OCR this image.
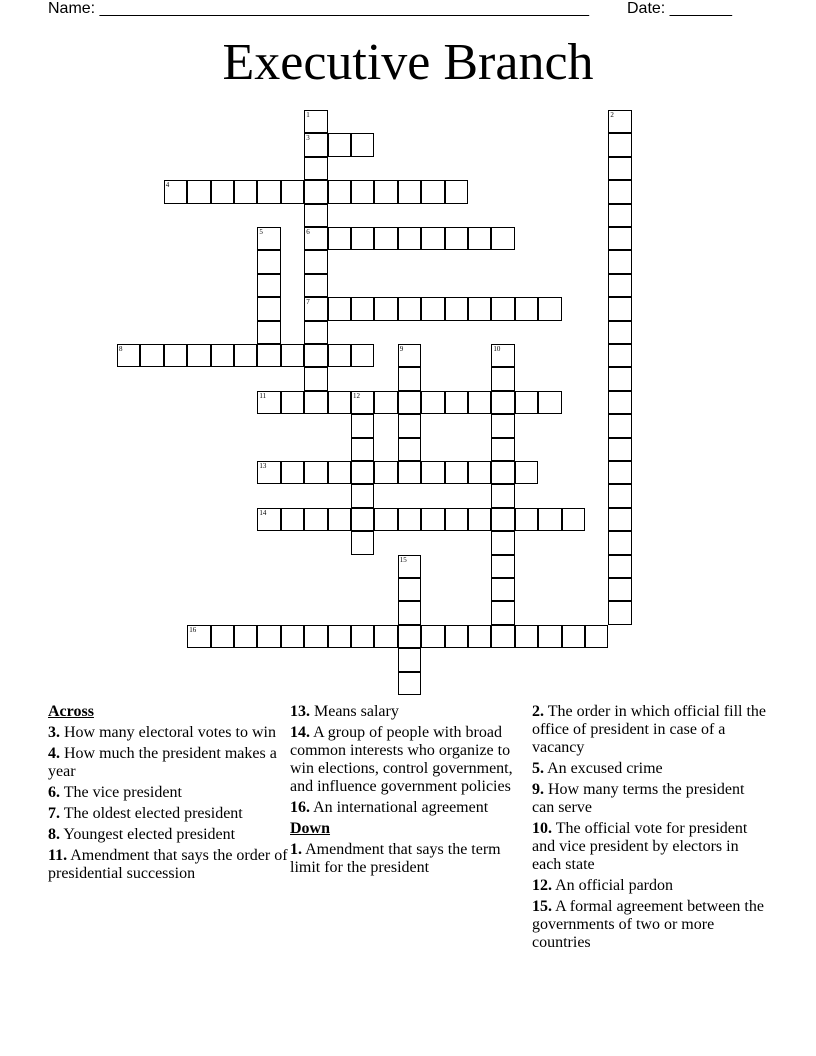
Name: _______________________________________________________ Date: _______
Executive Branch
1
3
6
7
2
4
5
8	9	10
11	12
13
14
15
16
Across
3. How many electoral votes to win
4. How much the president makes a year
6. The vice president
7. The oldest elected president
8. Youngest elected president
11. Amendment that says the order of presidential succession
13. Means salary
14. A group of people with broad common interests who organize to win elections, control government, and influence government policies
16. An international agreement
Down
1. Amendment that says the term limit for the president
2. The order in which official fill the office of president in case of a vacancy
5. An excused crime
9. How many terms the president can serve
10. The official vote for president and vice president by electors in each state
12. An official pardon
15. A formal agreement between the governments of two or more countries
